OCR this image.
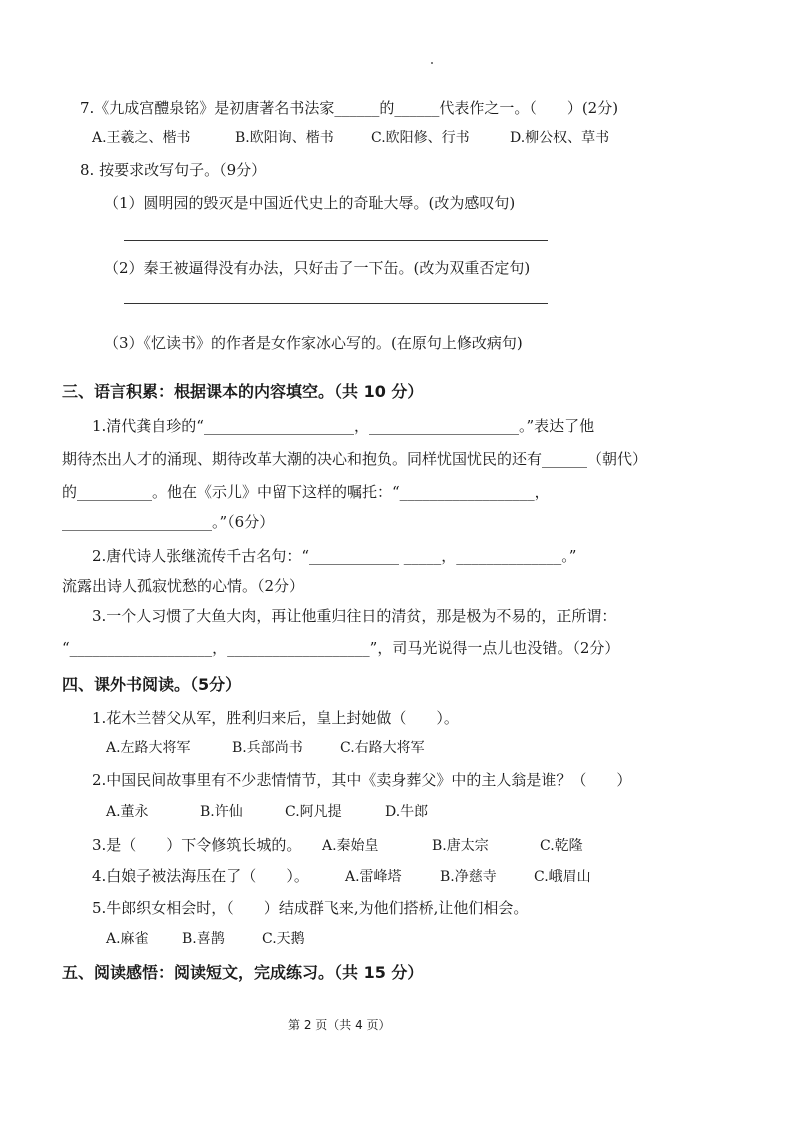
7.《九成宫醴泉铭》是初唐著名书法家______的______代表作之一。（　　）(2分)
A.王羲之、楷书	B.欧阳询、楷书	C.欧阳修、行书	D.柳公权、草书
8. 按要求改写句子。（9分）
（1）圆明园的毁灭是中国近代史上的奇耻大辱。(改为感叹句)
（2）秦王被逼得没有办法，只好击了一下缶。(改为双重否定句)
（3）《忆读书》的作者是女作家冰心写的。(在原句上修改病句)
三、语言积累：根据课本的内容填空。（共 10 分）
1.清代龚自珍的“____________________，____________________。”表达了他
期待杰出人才的涌现、期待改革大潮的决心和抱负。同样忧国忧民的还有______（朝代）
的__________。他在《示儿》中留下这样的嘱托：“__________________，
____________________。”（6分）
2.唐代诗人张继流传千古名句：“____________ _____，______________。”
流露出诗人孤寂忧愁的心情。（2分）
3.一个人习惯了大鱼大肉，再让他重归往日的清贫，那是极为不易的，正所谓：
“___________________，___________________”，司马光说得一点儿也没错。（2分）
四、课外书阅读。（5分）
1.花木兰替父从军，胜利归来后，皇上封她做（　　）。
A.左路大将军	B.兵部尚书	C.右路大将军
2.中国民间故事里有不少悲情情节，其中《卖身葬父》中的主人翁是谁？（　　）
A.董永	B.许仙	C.阿凡提	D.牛郎
3.是（　　）下令修筑长城的。 A.秦始皇	B.唐太宗	C.乾隆
4.白娘子被法海压在了（　　）。	A.雷峰塔	B.净慈寺	C.峨眉山
5.牛郎织女相会时，（　　）结成群飞来,为他们搭桥,让他们相会。
A.麻雀 B.喜鹊	C.天鹅
五、阅读感悟：阅读短文，完成练习。（共 15 分）
第 2 页（共 4 页）
